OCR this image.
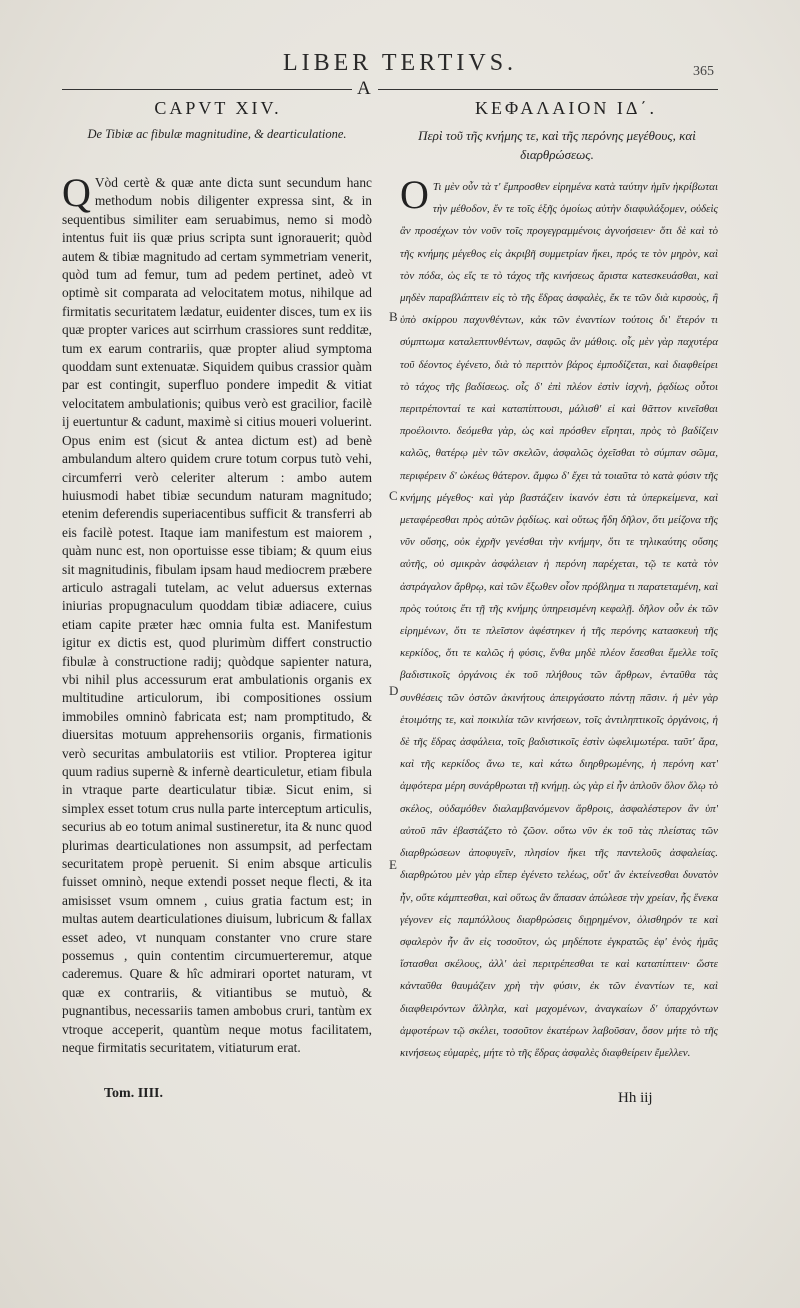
LIBER TERTIVS.	365
A
CAPVT XIV.	ΚΕΦΑΛΑΙΟΝ ΙΔ΄.
De Tibiæ ac fibulæ magnitudine, & dearticulatione.	Περὶ τοῦ τῆς κνήμης τε, καὶ τῆς περόνης μεγέθους, καὶ διαρθρώσεως.
Q Vòd certè & quæ ante dicta sunt secundum hanc methodum nobis diligenter expressa sint, & in sequentibus similiter eam seruabimus, nemo si modò intentus fuit iis quæ prius scripta sunt ignorauerit; quòd autem & tibiæ magnitudo ad certam symmetriam venerit, quòd tum ad femur, tum ad pedem pertinet, adeò vt optimè sit comparata ad velocitatem motus, nihilque ad firmitatis securitatem lædatur, euidenter disces, tum ex iis quæ propter varices aut scirrhum crassiores sunt redditæ, tum ex earum contrariis, quæ propter aliud symptoma quoddam sunt extenuatæ. Siquidem quibus crassior quàm par est contingit, superfluo pondere impedit & vitiat velocitatem ambulationis; quibus verò est gracilior, facilè ij euertuntur & cadunt, maximè si citius moueri voluerint. Opus enim est (sicut & antea dictum est) ad benè ambulandum altero quidem crure totum corpus tutò vehi, circumferri verò celeriter alterum : ambo autem huiusmodi habet tibiæ secundum naturam magnitudo; etenim deferendis superiacentibus sufficit & transferri ab eis facilè potest. Itaque iam manifestum est maiorem , quàm nunc est, non oportuisse esse tibiam; & quum eius sit magnitudinis, fibulam ipsam haud mediocrem præbere articulo astragali tutelam, ac velut aduersus externas iniurias propugnaculum quoddam tibiæ adiacere, cuius etiam capite præter hæc omnia fulta est. Manifestum igitur ex dictis est, quod plurimùm differt constructio fibulæ à constructione radij; quòdque sapienter natura, vbi nihil plus accessurum erat ambulationis organis ex multitudine articulorum, ibi compositiones ossium immobiles omninò fabricata est; nam promptitudo, & diuersitas motuum apprehensoriis organis, firmationis verò securitas ambulatoriis est vtilior. Propterea igitur quum radius supernè & infernè dearticuletur, etiam fibula in vtraque parte dearticulatur tibiæ. Sicut enim, si simplex esset totum crus nulla parte interceptum articulis, securius ab eo totum animal sustineretur, ita & nunc quod plurimas dearticulationes non assumpsit, ad perfectam securitatem propè peruenit. Si enim absque articulis fuisset omninò, neque extendi posset neque flecti, & ita amisisset vsum omnem , cuius gratia factum est; in multas autem dearticulationes diuisum, lubricum & fallax esset adeo, vt nunquam constanter vno crure stare possemus , quin contentim circumuerteremur, atque caderemus. Quare & hîc admirari oportet naturam, vt quæ ex contrariis, & vitiantibus se mutuò, & pugnantibus, necessariis tamen ambobus cruri, tantùm ex vtroque acceperit, quantùm neque motus facilitatem, neque firmitatis securitatem, vitiaturum erat.
Ο Τι μὲν οὖν τὰ τ' ἔμπροσθεν εἰρημένα κατὰ ταύτην ἡμῖν ἠκρίβωται τὴν μέθοδον, ἔν τε τοῖς ἑξῆς ὁμοίως αὐτὴν διαφυλάξομεν, οὐδεὶς ἂν προσέχων τὸν νοῦν τοῖς προγεγραμμένοις ἀγνοήσειεν· ὅτι δὲ καὶ τὸ τῆς κνήμης μέγεθος εἰς ἀκριβῆ συμμετρίαν ἥκει, πρός τε τὸν μηρὸν, καὶ τὸν πόδα, ὡς εἴς τε τὸ τάχος τῆς κινήσεως ἄριστα κατεσκευάσθαι, καὶ μηδὲν παραβλάπτειν εἰς τὸ τῆς ἕδρας ἀσφαλὲς, ἔκ τε τῶν διὰ κιρσοὺς, ἢ ὑπὸ σκίρρου παχυνθέντων, κἀκ τῶν ἐναντίων τούτοις δι' ἕτερόν τι σύμπτωμα καταλεπτυνθέντων, σαφῶς ἂν μάθοις. οἷς μὲν γὰρ παχυτέρα τοῦ δέοντος ἐγένετο, διὰ τὸ περιττὸν βάρος ἐμποδίζεται, καὶ διαφθείρει τὸ τάχος τῆς βαδίσεως. οἷς δ' ἐπὶ πλέον ἐστὶν ἰσχνὴ, ῥᾳδίως οὗτοι περιτρέπονταί τε καὶ καταπίπτουσι, μάλισθ' εἰ καὶ θᾶττον κινεῖσθαι προέλοιντο. δεόμεθα γὰρ, ὡς καὶ πρόσθεν εἴρηται, πρὸς τὸ βαδίζειν καλῶς, θατέρῳ μὲν τῶν σκελῶν, ἀσφαλῶς ὀχεῖσθαι τὸ σύμπαν σῶμα, περιφέρειν δ' ὠκέως θάτερον. ἄμφω δ' ἔχει τὰ τοιαῦτα τὸ κατὰ φύσιν τῆς κνήμης μέγεθος· καὶ γὰρ βαστάζειν ἱκανόν ἐστι τὰ ὑπερκείμενα, καὶ μεταφέρεσθαι πρὸς αὐτῶν ῥᾳδίως. καὶ οὕτως ἤδη δῆλον, ὅτι μείζονα τῆς νῦν οὔσης, οὐκ ἐχρῆν γενέσθαι τὴν κνήμην, ὅτι τε τηλικαύτης οὔσης αὐτῆς, οὐ σμικρὰν ἀσφάλειαν ἡ περόνη παρέχεται, τῷ τε κατὰ τὸν ἀστράγαλον ἄρθρῳ, καὶ τῶν ἔξωθεν οἷον πρόβλημα τι παρατεταμένη, καὶ πρὸς τούτοις ἔτι τῇ τῆς κνήμης ὑπηρεισμένη κεφαλῇ. δῆλον οὖν ἐκ τῶν εἰρημένων, ὅτι τε πλεῖστον ἀφέστηκεν ἡ τῆς περόνης κατασκευὴ τῆς κερκίδος, ὅτι τε καλῶς ἡ φύσις, ἔνθα μηδὲ πλέον ἔσεσθαι ἔμελλε τοῖς βαδιστικοῖς ὀργάνοις ἐκ τοῦ πλήθους τῶν ἄρθρων, ἐνταῦθα τὰς συνθέσεις τῶν ὀστῶν ἀκινήτους ἀπειργάσατο πάντῃ πᾶσιν. ἡ μὲν γὰρ ἑτοιμότης τε, καὶ ποικιλία τῶν κινήσεων, τοῖς ἀντιληπτικοῖς ὀργάνοις, ἡ δὲ τῆς ἕδρας ἀσφάλεια, τοῖς βαδιστικοῖς ἐστὶν ὠφελιμωτέρα. ταῦτ' ἄρα, καὶ τῆς κερκίδος ἄνω τε, καὶ κάτω διηρθρωμένης, ἡ περόνη κατ' ἀμφότερα μέρη συνάρθρωται τῇ κνήμῃ. ὡς γὰρ εἰ ἦν ἁπλοῦν ὅλον ὅλῳ τὸ σκέλος, οὐδαμόθεν διαλαμβανόμενον ἄρθροις, ἀσφαλέστερον ἂν ὑπ' αὐτοῦ πᾶν ἐβαστάζετο τὸ ζῶον. οὕτω νῦν ἐκ τοῦ τὰς πλείστας τῶν διαρθρώσεων ἀποφυγεῖν, πλησίον ἥκει τῆς παντελοῦς ἀσφαλείας. διαρθρώτου μὲν γὰρ εἴπερ ἐγένετο τελέως, οὔτ' ἂν ἐκτείνεσθαι δυνατὸν ἦν, οὔτε κάμπτεσθαι, καὶ οὕτως ἂν ἅπασαν ἀπώλεσε τὴν χρείαν, ἧς ἕνεκα γέγονεν εἰς παμπόλλους διαρθρώσεις διῃρημένον, ὀλισθηρόν τε καὶ σφαλερὸν ἦν ἂν εἰς τοσοῦτον, ὡς μηδέποτε ἐγκρατῶς ἐφ' ἑνὸς ἡμᾶς ἵστασθαι σκέλους, ἀλλ' ἀεὶ περιτρέπεσθαι τε καὶ καταπίπτειν· ὥστε κἀνταῦθα θαυμάζειν χρὴ τὴν φύσιν, ἐκ τῶν ἐναντίων τε, καὶ διαφθειρόντων ἄλληλα, καὶ μαχομένων, ἀναγκαίων δ' ὑπαρχόντων ἀμφοτέρων τῷ σκέλει, τοσοῦτον ἑκατέρων λαβοῦσαν, ὅσον μήτε τὸ τῆς κινήσεως εὐμαρὲς, μήτε τὸ τῆς ἕδρας ἀσφαλὲς διαφθείρειν ἔμελλεν.
B
C
D
E
Tom. IIII.	Hh iij
